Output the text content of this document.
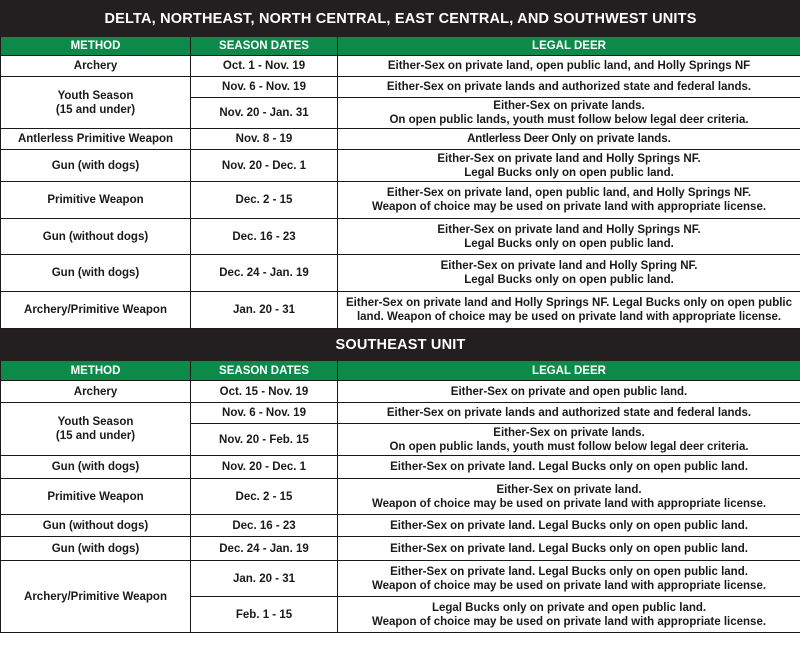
DELTA, NORTHEAST, NORTH CENTRAL, EAST CENTRAL, AND SOUTHWEST UNITS		
METHOD	SEASON DATES	LEGAL DEER
Archery	Oct. 1 - Nov. 19	Either-Sex on private land, open public land, and Holly Springs NF

Youth Season
(15 and under)	Nov. 6 - Nov. 19	Either-Sex on private lands and authorized state and federal lands.

	Nov. 20 - Jan. 31	Either-Sex on private lands.
On open public lands, youth must follow below legal deer criteria.

Antlerless Primitive Weapon	Nov. 8 - 19	Antlerless Deer Only on private lands.
Gun (with dogs)	Nov. 20 - Dec. 1	Either-Sex on private land and Holly Springs NF.
Legal Bucks only on open public land.

Primitive Weapon	Dec. 2 - 15	Either-Sex on private land, open public land, and Holly Springs NF.
Weapon of choice may be used on private land with appropriate license.

Gun (without dogs)	Dec. 16 - 23	Either-Sex on private land and Holly Springs NF.
Legal Bucks only on open public land.

Gun (with dogs)	Dec. 24 - Jan. 19	Either-Sex on private land and Holly Spring NF.
Legal Bucks only on open public land.

Archery/Primitive Weapon	Jan. 20 - 31	Either-Sex on private land and Holly Springs NF. Legal Bucks only on open public
land. Weapon of choice may be used on private land with appropriate license.

SOUTHEAST UNIT		
METHOD	SEASON DATES	LEGAL DEER
Archery	Oct. 15 - Nov. 19	Either-Sex on private and open public land.

Youth Season
(15 and under)	Nov. 6 - Nov. 19	Either-Sex on private lands and authorized state and federal lands.

	Nov. 20 - Feb. 15	Either-Sex on private lands.
On open public lands, youth must follow below legal deer criteria.

Gun (with dogs)	Nov. 20 - Dec. 1	Either-Sex on private land. Legal Bucks only on open public land.

Primitive Weapon	Dec. 2 - 15	Either-Sex on private land.
Weapon of choice may be used on private land with appropriate license.

Gun (without dogs)	Dec. 16 - 23	Either-Sex on private land. Legal Bucks only on open public land.

Gun (with dogs)	Dec. 24 - Jan. 19	Either-Sex on private land. Legal Bucks only on open public land.

Archery/Primitive Weapon	Jan. 20 - 31	Either-Sex on private land. Legal Bucks only on open public land.
Weapon of choice may be used on private land with appropriate license.

	Feb. 1 - 15	Legal Bucks only on private and open public land.
Weapon of choice may be used on private land with appropriate license.
